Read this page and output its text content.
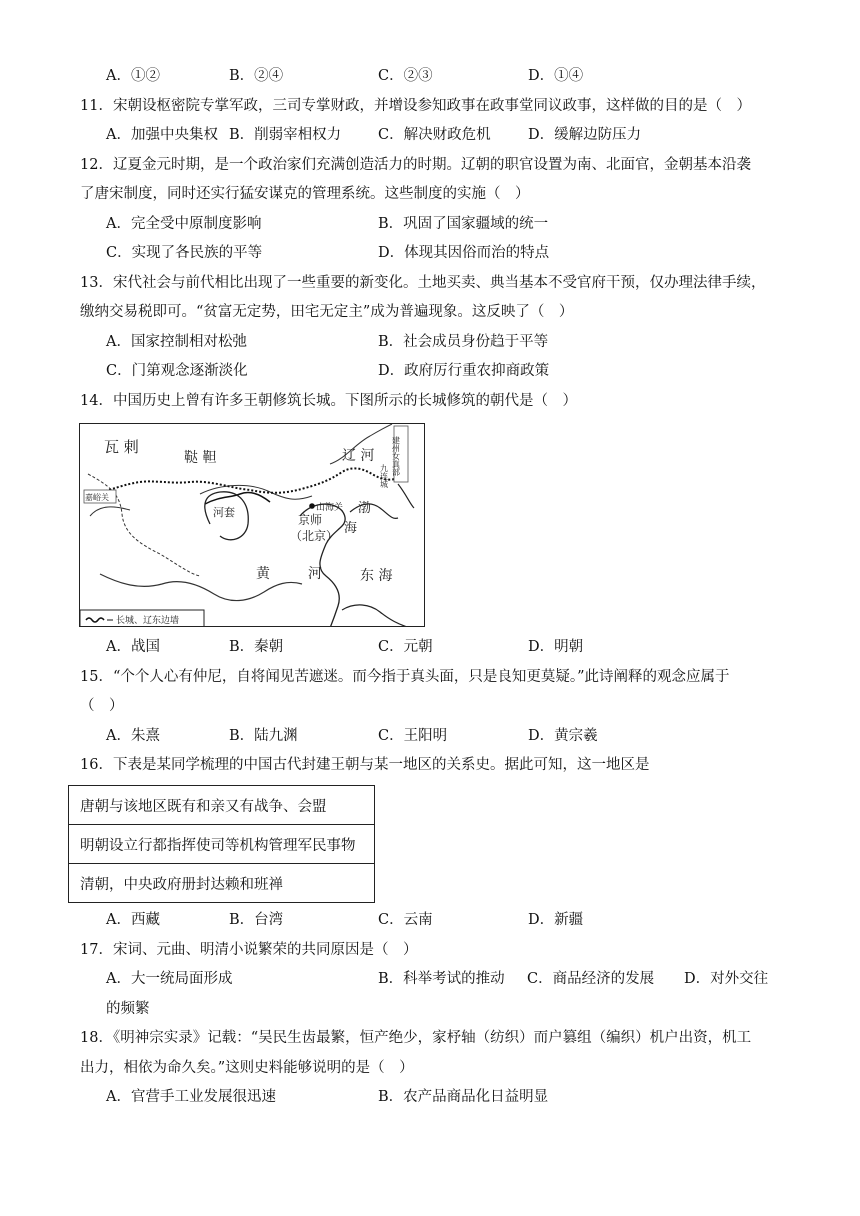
A．①②	B．②④	C．②③	D．①④
11．宋朝设枢密院专掌军政，三司专掌财政，并增设参知政事在政事堂同议政事，这样做的目的是（　）
A．加强中央集权 B．削弱宰相权力	C．解决财政危机	D．缓解边防压力
12．辽夏金元时期，是一个政治家们充满创造活力的时期。辽朝的职官设置为南、北面官，金朝基本沿袭
了唐宋制度，同时还实行猛安谋克的管理系统。这些制度的实施（　）
A．完全受中原制度影响	B．巩固了国家疆域的统一
C．实现了各民族的平等	D．体现其因俗而治的特点
13．宋代社会与前代相比出现了一些重要的新变化。土地买卖、典当基本不受官府干预，仅办理法律手续，
缴纳交易税即可。“贫富无定势，田宅无定主”成为普遍现象。这反映了（　）
A．国家控制相对松弛	B．社会成员身份趋于平等
C．门第观念逐渐淡化	D．政府厉行重农抑商政策
14．中国历史上曾有许多王朝修筑长城。下图所示的长城修筑的朝代是（　）
瓦 剌
鞑 靼
嘉峪关
河套
辽 河 建州女真部
九连城
山海关 渤
海
京师
（北京）
黄	河	东 海
长城、辽东边墙
A．战国	B．秦朝	C．元朝	D．明朝
15．“个个人心有仲尼，自将闻见苦遮迷。而今指于真头面，只是良知更莫疑。”此诗阐释的观念应属于
（　）
A．朱熹	B．陆九渊	C．王阳明	D．黄宗羲
16．下表是某同学梳理的中国古代封建王朝与某一地区的关系史。据此可知，这一地区是
唐朝与该地区既有和亲又有战争、会盟
明朝设立行都指挥使司等机构管理军民事物
清朝，中央政府册封达赖和班禅
A．西藏	B．台湾	C．云南	D．新疆
17．宋词、元曲、明清小说繁荣的共同原因是（　）
A．大一统局面形成	B．科举考试的推动 C．商品经济的发展 D．对外交往
的频繁
18．《明神宗实录》记载：“吴民生齿最繁，恒产绝少，家杼轴（纺织）而户篡组（编织）机户出资，机工
出力，相依为命久矣。”这则史料能够说明的是（　）
A．官营手工业发展很迅速	B．农产品商品化日益明显
